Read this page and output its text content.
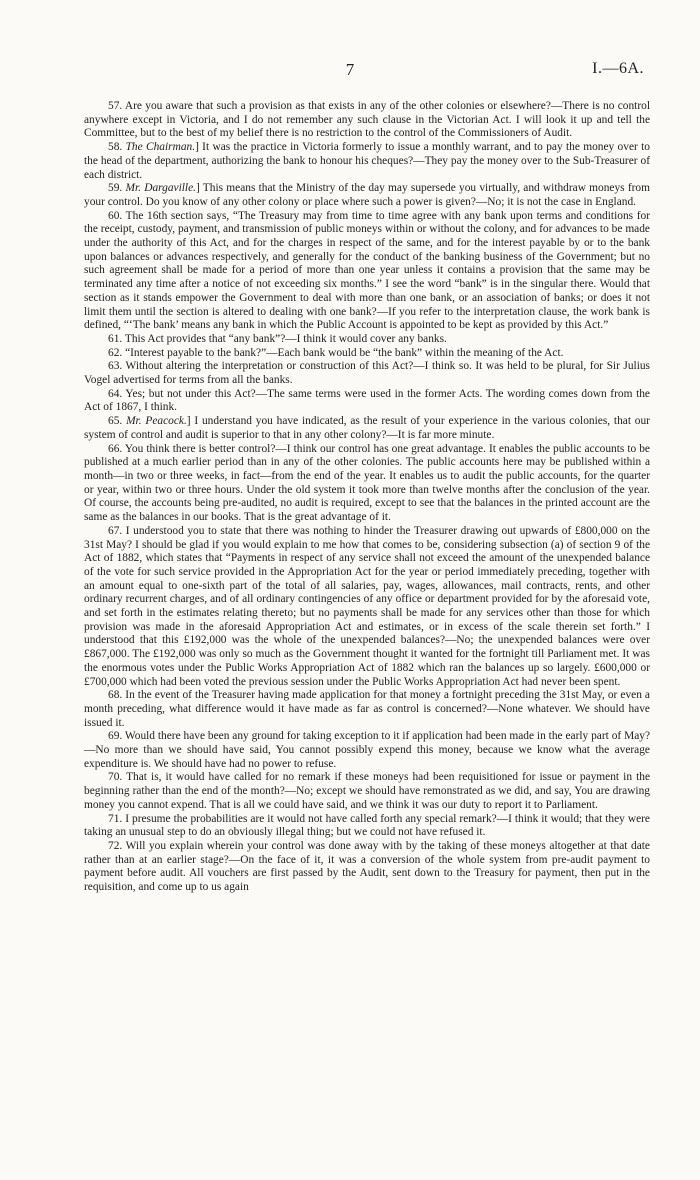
7	I.—6A.

57. Are you aware that such a provision as that exists in any of the other colonies or elsewhere?—There is no control anywhere except in Victoria, and I do not remember any such clause in the Victorian Act. I will look it up and tell the Committee, but to the best of my belief there is no restriction to the control of the Commissioners of Audit.

58. The Chairman.] It was the practice in Victoria formerly to issue a monthly warrant, and to pay the money over to the head of the department, authorizing the bank to honour his cheques?—They pay the money over to the Sub-Treasurer of each district.

59. Mr. Dargaville.] This means that the Ministry of the day may supersede you virtually, and withdraw moneys from your control. Do you know of any other colony or place where such a power is given?—No; it is not the case in England.

60. The 16th section says, “The Treasury may from time to time agree with any bank upon terms and conditions for the receipt, custody, payment, and transmission of public moneys within or without the colony, and for advances to be made under the authority of this Act, and for the charges in respect of the same, and for the interest payable by or to the bank upon balances or advances respectively, and generally for the conduct of the banking business of the Government; but no such agreement shall be made for a period of more than one year unless it contains a provision that the same may be terminated any time after a notice of not exceeding six months.” I see the word “bank” is in the singular there. Would that section as it stands empower the Government to deal with more than one bank, or an association of banks; or does it not limit them until the section is altered to dealing with one bank?—If you refer to the interpretation clause, the work bank is defined, “‘The bank’ means any bank in which the Public Account is appointed to be kept as provided by this Act.”

61. This Act provides that “any bank”?—I think it would cover any banks.

62. “Interest payable to the bank?”—Each bank would be “the bank” within the meaning of the Act.

63. Without altering the interpretation or construction of this Act?—I think so. It was held to be plural, for Sir Julius Vogel advertised for terms from all the banks.

64. Yes; but not under this Act?—The same terms were used in the former Acts. The wording comes down from the Act of 1867, I think.

65. Mr. Peacock.] I understand you have indicated, as the result of your experience in the various colonies, that our system of control and audit is superior to that in any other colony?—It is far more minute.

66. You think there is better control?—I think our control has one great advantage. It enables the public accounts to be published at a much earlier period than in any of the other colonies. The public accounts here may be published within a month—in two or three weeks, in fact—from the end of the year. It enables us to audit the public accounts, for the quarter or year, within two or three hours. Under the old system it took more than twelve months after the conclusion of the year. Of course, the accounts being pre-audited, no audit is required, except to see that the balances in the printed account are the same as the balances in our books. That is the great advantage of it.

67. I understood you to state that there was nothing to hinder the Treasurer drawing out upwards of £800,000 on the 31st May? I should be glad if you would explain to me how that comes to be, considering subsection (a) of section 9 of the Act of 1882, which states that “Payments in respect of any service shall not exceed the amount of the unexpended balance of the vote for such service provided in the Appropriation Act for the year or period immediately preceding, together with an amount equal to one-sixth part of the total of all salaries, pay, wages, allowances, mail contracts, rents, and other ordinary recurrent charges, and of all ordinary contingencies of any office or department provided for by the aforesaid vote, and set forth in the estimates relating thereto; but no payments shall be made for any services other than those for which provision was made in the aforesaid Appropriation Act and estimates, or in excess of the scale therein set forth.” I understood that this £192,000 was the whole of the unexpended balances?—No; the unexpended balances were over £867,000. The £192,000 was only so much as the Government thought it wanted for the fortnight till Parliament met. It was the enormous votes under the Public Works Appropriation Act of 1882 which ran the balances up so largely. £600,000 or £700,000 which had been voted the previous session under the Public Works Appropriation Act had never been spent.

68. In the event of the Treasurer having made application for that money a fortnight preceding the 31st May, or even a month preceding, what difference would it have made as far as control is concerned?—None whatever. We should have issued it.

69. Would there have been any ground for taking exception to it if application had been made in the early part of May?—No more than we should have said, You cannot possibly expend this money, because we know what the average expenditure is. We should have had no power to refuse.

70. That is, it would have called for no remark if these moneys had been requisitioned for issue or payment in the beginning rather than the end of the month?—No; except we should have remonstrated as we did, and say, You are drawing money you cannot expend. That is all we could have said, and we think it was our duty to report it to Parliament.

71. I presume the probabilities are it would not have called forth any special remark?—I think it would; that they were taking an unusual step to do an obviously illegal thing; but we could not have refused it.

72. Will you explain wherein your control was done away with by the taking of these moneys altogether at that date rather than at an earlier stage?—On the face of it, it was a conversion of the whole system from pre-audit payment to payment before audit. All vouchers are first passed by the Audit, sent down to the Treasury for payment, then put in the requisition, and come up to us again
